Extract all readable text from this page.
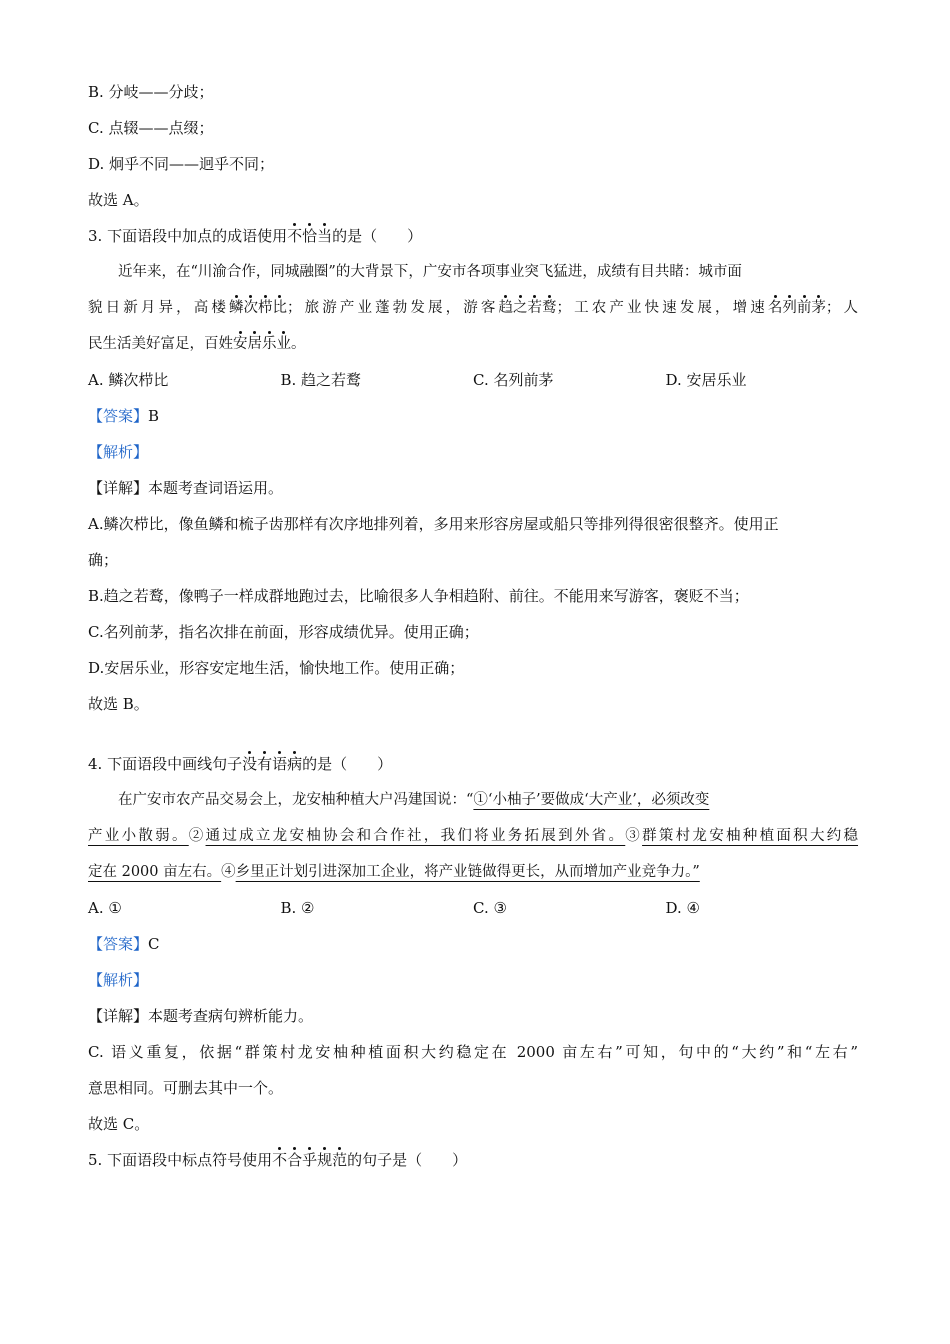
B. 分岐——分歧；
C. 点辍——点缀；
D. 炯乎不同——迥乎不同；
故选 A。
3. 下面语段中加点的成语使用不恰当的是（　　）
近年来，在“川渝合作，同城融圈”的大背景下，广安市各项事业突飞猛进，成绩有目共睹：城市面
貌日新月异，高楼鳞次栉比；旅游产业蓬勃发展，游客趋之若鹜；工农产业快速发展，增速名列前茅；人
民生活美好富足，百姓安居乐业。
A. 鳞次栉比	B. 趋之若鹜	C. 名列前茅	D. 安居乐业
【答案】B
【解析】
【详解】本题考查词语运用。
A.鳞次栉比，像鱼鳞和梳子齿那样有次序地排列着，多用来形容房屋或船只等排列得很密很整齐。使用正
确；
B.趋之若鹜，像鸭子一样成群地跑过去，比喻很多人争相趋附、前往。不能用来写游客，褒贬不当；
C.名列前茅，指名次排在前面，形容成绩优异。使用正确；
D.安居乐业，形容安定地生活，愉快地工作。使用正确；
故选 B。
4. 下面语段中画线句子没有语病的是（　　）
在广安市农产品交易会上，龙安柚种植大户冯建国说：“①‘小柚子’要做成‘大产业’，必须改变
产业小散弱。②通过成立龙安柚协会和合作社，我们将业务拓展到外省。③群策村龙安柚种植面积大约稳
定在 2000 亩左右。④乡里正计划引进深加工企业，将产业链做得更长，从而增加产业竞争力。”
A. ①	B. ②	C. ③	D. ④
【答案】C
【解析】
【详解】本题考查病句辨析能力。
C. 语义重复，依据“群策村龙安柚种植面积大约稳定在 2000 亩左右”可知，句中的“大约”和“左右”
意思相同。可删去其中一个。
故选 C。
5. 下面语段中标点符号使用不合乎规范的句子是（　　）
